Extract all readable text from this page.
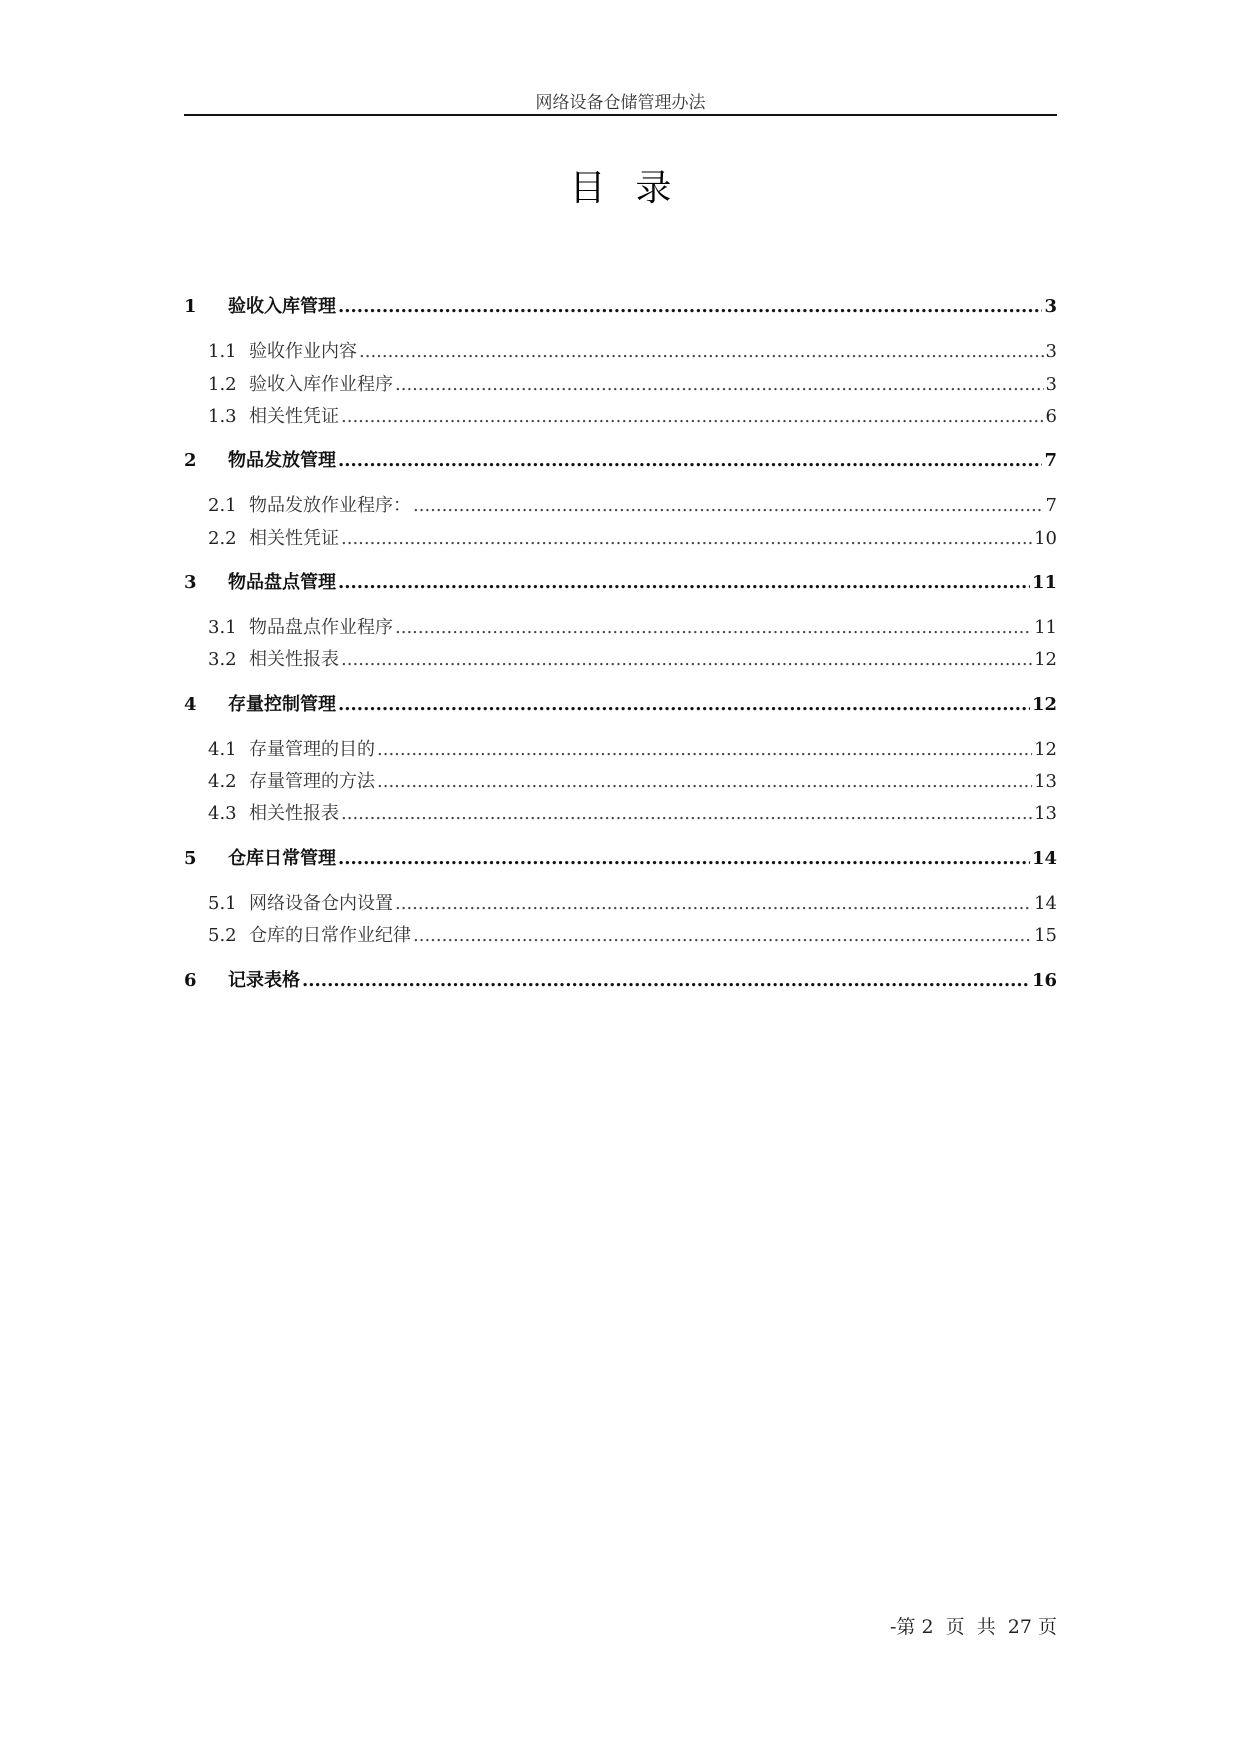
网络设备仓储管理办法
目录
1	验收入库管理 .....	3
1.1 验收作业内容 .....	3
1.2 验收入库作业程序 .....	3
1.3 相关性凭证 .....	6
2	物品发放管理 .....	7
2.1 物品发放作业程序： .....	7
2.2 相关性凭证 .....	10
3	物品盘点管理 .....	11
3.1 物品盘点作业程序 .....	11
3.2 相关性报表 .....	12
4	存量控制管理 .....	12
4.1 存量管理的目的 .....	12
4.2 存量管理的方法 .....	13
4.3 相关性报表 .....	13
5	仓库日常管理 .....	14
5.1 网络设备仓内设置 .....	14
5.2 仓库的日常作业纪律 .....	15
6	记录表格 .....	16
-第 2  页  共  27 页
